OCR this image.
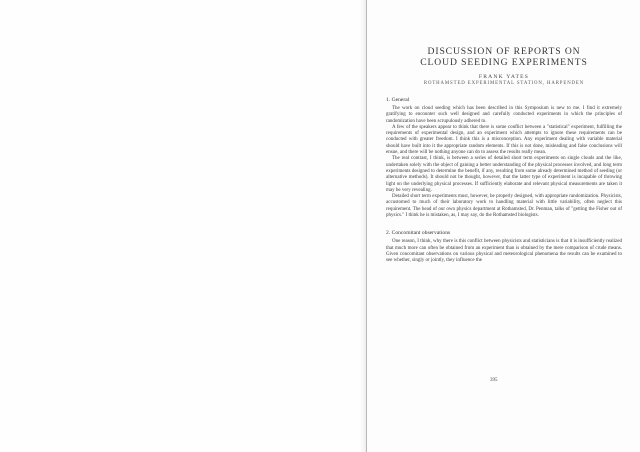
DISCUSSION OF REPORTS ON
CLOUD SEEDING EXPERIMENTS
FRANK YATES
ROTHAMSTED EXPERIMENTAL STATION, HARPENDEN
1. General

The work on cloud seeding which has been described in this Symposium is new to me. I find it extremely gratifying to encounter such well designed and carefully conducted experiments in which the principles of randomization have been scrupulously adhered to.

A few of the speakers appear to think that there is some conflict between a "statistical" experiment, fulfilling the requirements of experimental design, and an experiment which attempts to ignore these requirements can be conducted with greater freedom. I think this is a misconception. Any experiment dealing with variable material should have built into it the appropriate random elements. If this is not done, misleading and false conclusions will ensue, and there will be nothing anyone can do to assess the results really mean.

The real contrast, I think, is between a series of detailed short term experiments on single clouds and the like, undertaken solely with the object of gaining a better understanding of the physical processes involved, and long term experiments designed to determine the benefit, if any, resulting from some already determined method of seeding (or alternative methods). It should not be thought, however, that the latter type of experiment is incapable of throwing light on the underlying physical processes. If sufficiently elaborate and relevant physical measurements are taken it may be very revealing.

Detailed short term experiments must, however, be properly designed, with appropriate randomization. Physicists, accustomed to much of their laboratory work to handling material with little variability, often neglect this requirement. The head of our own physics department at Rothamsted, Dr. Penman, talks of "getting the Fisher out of physics." I think he is mistaken, as, I may say, do the Rothamsted biologists.

2. Concomitant observations

One reason, I think, why there is this conflict between physicists and statisticians is that it is insufficiently realized that much more can often be obtained from an experiment than is obtained by the mere comparison of crude means. Given concomitant observations on various physical and meteorological phenomena the results can be examined to see whether, singly or jointly, they influence the

395
